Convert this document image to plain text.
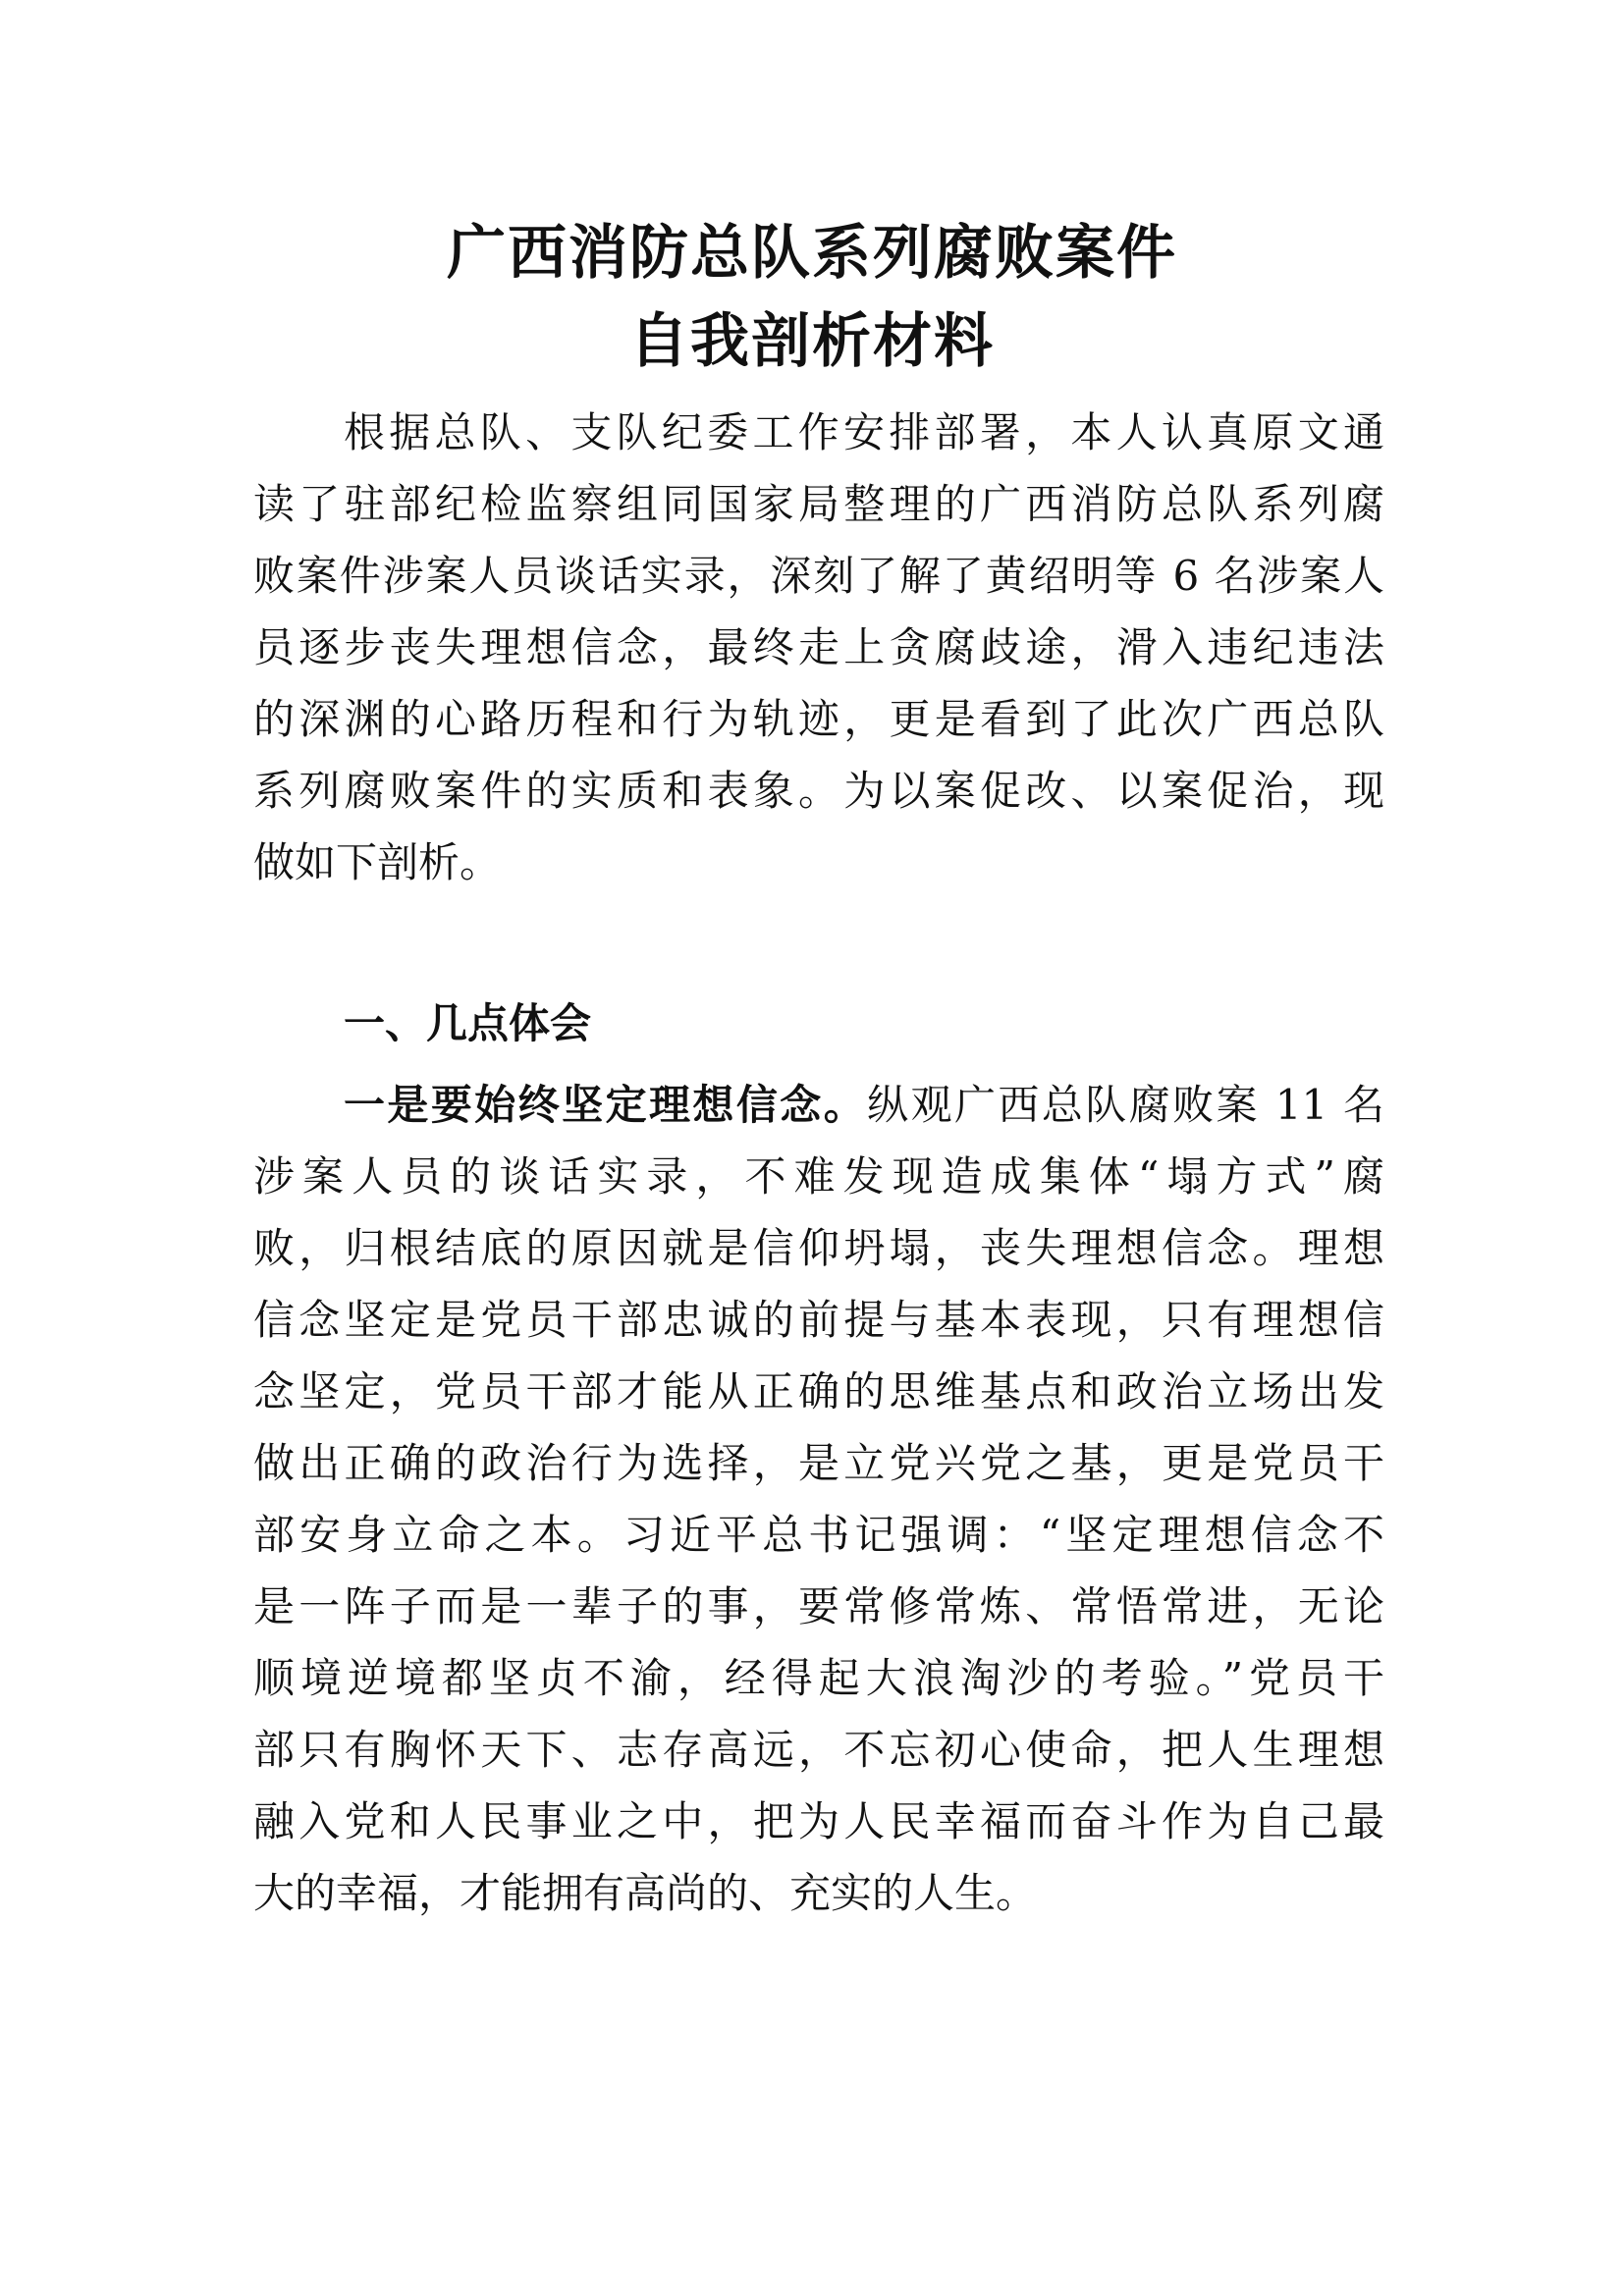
广西消防总队系列腐败案件
自我剖析材料
根据总队、支队纪委工作安排部署，本人认真原文通
读了驻部纪检监察组同国家局整理的广西消防总队系列腐
败案件涉案人员谈话实录，深刻了解了黄绍明等 6 名涉案人
员逐步丧失理想信念，最终走上贪腐歧途，滑入违纪违法
的深渊的心路历程和行为轨迹，更是看到了此次广西总队
系列腐败案件的实质和表象。为以案促改、以案促治，现
做如下剖析。
一、几点体会
一是要始终坚定理想信念。纵观广西总队腐败案 11 名
涉案人员的谈话实录，不难发现造成集体“塌方式”腐
败，归根结底的原因就是信仰坍塌，丧失理想信念。理想
信念坚定是党员干部忠诚的前提与基本表现，只有理想信
念坚定，党员干部才能从正确的思维基点和政治立场出发
做出正确的政治行为选择，是立党兴党之基，更是党员干
部安身立命之本。习近平总书记强调：“坚定理想信念不
是一阵子而是一辈子的事，要常修常炼、常悟常进，无论
顺境逆境都坚贞不渝，经得起大浪淘沙的考验。”党员干
部只有胸怀天下、志存高远，不忘初心使命，把人生理想
融入党和人民事业之中，把为人民幸福而奋斗作为自己最
大的幸福，才能拥有高尚的、充实的人生。
